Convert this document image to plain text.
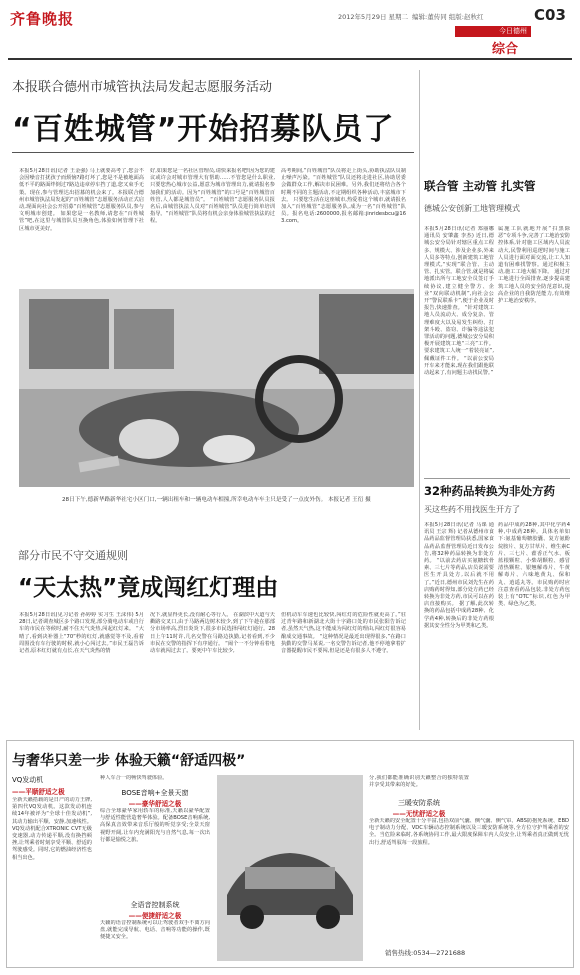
齐鲁晚报	2012年5月29日 星期二 编辑:董传同 组版:赵秋红	C03
今日德州
综合
本报联合德州市城管执法局发起志愿服务活动
“百姓城管”开始招募队员了
本报5月28日讯(记者 王金强) 马上就要高考了,您会不会因噪音打扰孩子而烦恼?路灯坏了,您是不是被地面高低不平的路面绊倒过?路边违章停车挡了道,您又束手无策。现在,参与管理达出招募的机会来了。本报联合德州市城管执法局发起的“百姓城管”志愿服务活动正式启动,现面向社会公开招募“百姓城管”志愿服务队员,参与文明城市创建。 如果您是一名教师,请您在“百姓城管”吧,在这里与城管队员互换角色,体验如何管理下社区城市更美好。
好,如果您是一名社区管理员,请快来报名吧!因为您的建议或许会对城市管理大有帮助……不管您是什么职业,只要您热心城市公益,愿意为城市管理出力,就请报名参加我们的活动。因为“百姓城管”的口号是“百姓城管百姓管,人人都是城管员”。 “百姓城管”志愿服务队员报名后,由城管执法人员对“百姓城管”队员进行简单培训指导。“百姓城管”队员将有机会亲身体验城管执法的过程。
高考期间,“百姓城管”队员将走上街头,协助执法队员制止噪声污染。“百姓城管”队员还将走进社区,协助居委会做群众工作,解决市民困难。另外,我们还将结合各个时期不同的主题活动,不定期组织各种活动,丰富城市下去。 只要您生活在这座城市,热爱着这个城市,就请报名加入“百姓城管”志愿服务队,成为一名“百姓城管”队员。报名电话:2600000,报名邮箱:jinridesbcu@163.com。
28日下午,德新华路新华社宅小区门口,一辆出租车和一辆电动车相撞,所幸电动车车主只是受了一点皮外伤。 本报记者 王衍 摄
部分市民不守交通规则
“天太热”竟成闯红灯理由
本报5月28日讯(见习记者 孙婷婷 实习生 王沫伟) 5月28日,记者调查城区多个路口发现,部分骑电动车或自行车的市民在等候时,耐不住天气炎热,闯起红灯来。 “大晴了,看到决补器上“70”秒的红灯,就感觉等不及,看着周围没有车行驶的时候,就小心闯过去。”市民王磊告诉记者,原本红灯就有点长,在天气炎热的情
况下,就显得更长,没有耐心等行人。 在湖滨中大道与天衢路交叉口,由于马路两边树木较少,到了下午趁在那部分市场率高,烈日炎炎下,很多市民选择闯红灯通行。28日上午11时许,几名交警在马路边执勤,记者看到,不少市民在交警的指挥下有序通行。 “闹个一不分钟看着电动车就闯过去了。要死中午车比较少,
但机动车车速也比较快,闯红灯的危险性就更高了。”驻过青年路和新湖北大街十字路口处的市民张阳告诉记者,虽然天气热,这不能成为闯红灯的理由,闯红灯很容易酿成交通事故。 “这种情况是最近出现得很多,”在路口执勤的交警马某说,一名交警告诉记者,他不停地拿着扩音器提醒市民不要闯,但是还是有很多人不遵守。
联合管 主动管 扎实管
德城公安创新工地管理模式
本报5月28日讯(记者 郑丽娜 通讯员 安肇鑫 李杰) 近日,德城公安分局针对辖区重点工程多、规模大、涉及企业多,外来人员多等特点,创新建筑工地管理模式,“实现”联合管、主动管、扎实管。联合管,就是将属地派出所与工地安全员签订手续协议,建立健全警方、企业“双向联动机制”,向社会公开“警民联系卡”,便于企业及时报告,快速排查。 “针对建筑工地人员流动大、成分复杂、管理难度大以及易发生纠纷、打架斗殴、盗窃、诈骗等违法犯罪活动的问题,德城公安分局积极开展建筑工地“三亮”工作。要求建筑工人统一“着装亮证”,佩戴证件工作。 “以前公安局开车来才能来,现在我们跟他联动起来了,有问题主动找民警。”
属施工队就地开展“扫黑除恶”专项斗争,完善了工地治安防控体系,针对施工区域内人员流动大,民警利用巡逻时间与施工人员进行面对面交流,让工人知道有困难找警察。通过积极主动,施工工地大幅下降。 通过对工地进行全面排查,逐步提高建筑工地人员的安全防范意识,提高企业的自我防范能力,有效维护工地治安秩序。
32种药品转换为非处方药
买这些药不用找医生开方了
本报5月28日讯(记者 马课 通讯员 王宗 辉) 记者从德州市食品药品监督管理局获悉,国家食品药品监督管理局近日发布公告,将32种药品转换为非处方药。 “以前去药店买氨糖软骨素、三七片等药品,店员说需要医生开具处方,以后就不用了。”近日,德州市民刘先生在药店购药时得知,部分处方药已经转换为非处方药,市民可以在药店直接购买。 据了解,此次转换的药品包括中成药28种、化学药4种,转换后的非处方药根据其安全性分为甲类和乙类。
药品中成药28种,其中化学药4种,中成药28种。具体名单如下:氨基葡萄糖胶囊、复方氨酚烷胺片、复方甘草片、维生素C片、三七片、藿香正气水、板蓝根颗粒、小柴胡颗粒、感冒清热颗粒、银翘解毒片、牛黄解毒片、六味地黄丸、保和丸、逍遥丸等。市民购药时应注意查看药品包装,非处方药包装上有“OTC”标识,红色为甲类、绿色为乙类。
与奢华只差一步 体验天籁“舒适四极”
VQ发动机
——平顺舒适之极
全新天籁搭载的是日产的动力王牌,第四代VQ发动机。这款发动机连续14年被评为“全球十佳发动机”,其动力输出平顺、安静,加速线性。VQ发动机配合XTRONIC CVT无级变速器,动力传递平顺,没有换挡顿挫,让驾乘者时刻享受平顺、舒适的驾驶感受。同时,它的燃油经济性也相当出色。
种人车合一的畅快驾驶体验。
BOSE音响+全景天窗
——豪华舒适之极
综合全球豪华家用轿车的标准,天籁以豪华配置与舒适性能营造奢华体验。配备BOSE音响系统,高保真音效带来音乐厅般的听觉享受;全景天窗视野开阔,让车内充满阳光与自然气息,每一次出行都是愉悦之旅。
全语音控制系统
——便捷舒适之极
天籁的语音控制系统可以让驾驶者双手不离方向盘,就能完成导航、电话、音响等功能的操作,既便捷又安全。
分,我们都能准确识别天籁整合的独特装置并享受其带来的好处。
三暖安防系统
——无忧舒适之极
全新天籁的安全配置十分丰富,包括双前气囊、侧气囊、侧气帘、ABS防抱死系统、EBD电子制动力分配、VDC车辆动态控制系统以及三暖安防系统等,全方位守护驾乘者的安全。当危险来临时,各系统协同工作,最大限度保障车内人员安全,让驾乘者真正做到无忧出行,舒适驾驭每一段旅程。
销售热线:0534—2721688
